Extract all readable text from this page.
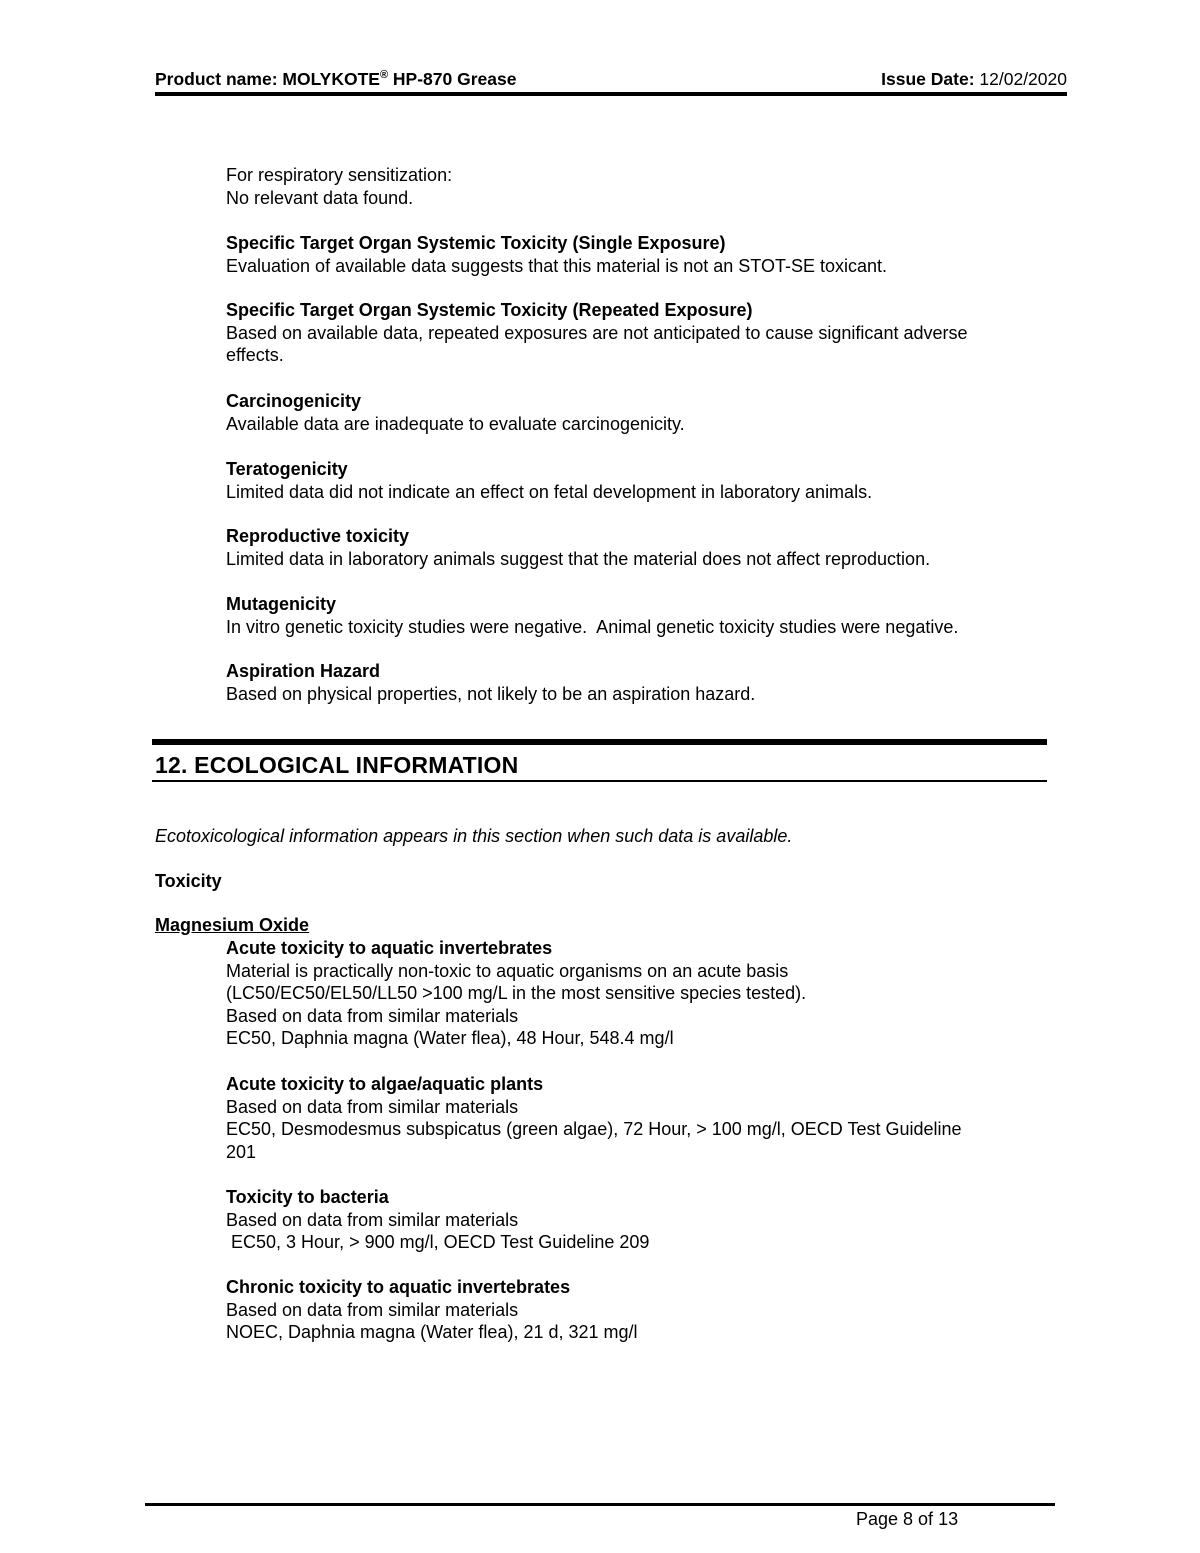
Product name: MOLYKOTE® HP-870 Grease	Issue Date: 12/02/2020
For respiratory sensitization:
No relevant data found.
Specific Target Organ Systemic Toxicity (Single Exposure)
Evaluation of available data suggests that this material is not an STOT-SE toxicant.
Specific Target Organ Systemic Toxicity (Repeated Exposure)
Based on available data, repeated exposures are not anticipated to cause significant adverse
effects.
Carcinogenicity
Available data are inadequate to evaluate carcinogenicity.
Teratogenicity
Limited data did not indicate an effect on fetal development in laboratory animals.
Reproductive toxicity
Limited data in laboratory animals suggest that the material does not affect reproduction.
Mutagenicity
In vitro genetic toxicity studies were negative.  Animal genetic toxicity studies were negative.
Aspiration Hazard
Based on physical properties, not likely to be an aspiration hazard.
12. ECOLOGICAL INFORMATION
Ecotoxicological information appears in this section when such data is available.
Toxicity
Magnesium Oxide
Acute toxicity to aquatic invertebrates
Material is practically non-toxic to aquatic organisms on an acute basis
(LC50/EC50/EL50/LL50 >100 mg/L in the most sensitive species tested).
Based on data from similar materials
EC50, Daphnia magna (Water flea), 48 Hour, 548.4 mg/l
Acute toxicity to algae/aquatic plants
Based on data from similar materials
EC50, Desmodesmus subspicatus (green algae), 72 Hour, > 100 mg/l, OECD Test Guideline
201
Toxicity to bacteria
Based on data from similar materials
EC50, 3 Hour, > 900 mg/l, OECD Test Guideline 209
Chronic toxicity to aquatic invertebrates
Based on data from similar materials
NOEC, Daphnia magna (Water flea), 21 d, 321 mg/l
Page 8 of 13
